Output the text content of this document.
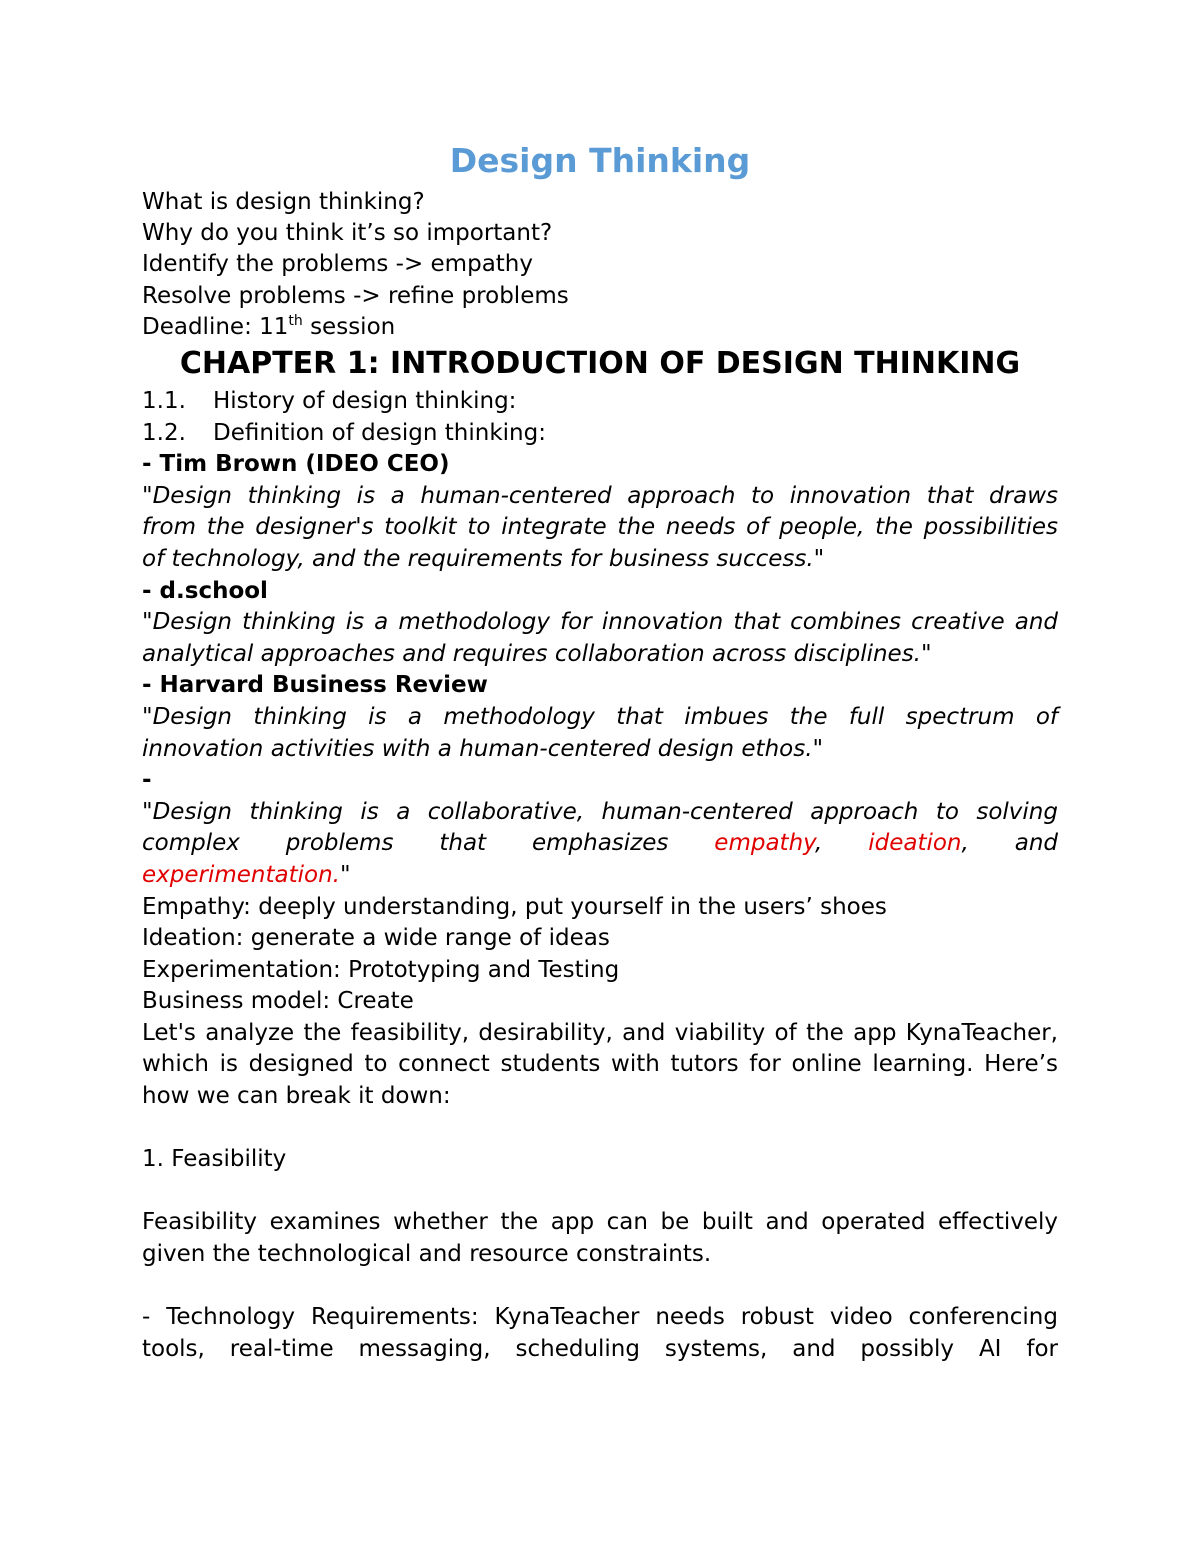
Design Thinking
What is design thinking?
Why do you think it’s so important?
Identify the problems -> empathy
Resolve problems -> refine problems
Deadline: 11th session
CHAPTER 1: INTRODUCTION OF DESIGN THINKING
1.1. History of design thinking:
1.2. Definition of design thinking:
- Tim Brown (IDEO CEO)
"Design thinking is a human-centered approach to innovation that draws
from the designer's toolkit to integrate the needs of people, the possibilities
of technology, and the requirements for business success."
- d.school
"Design thinking is a methodology for innovation that combines creative and
analytical approaches and requires collaboration across disciplines."
- Harvard Business Review
"Design thinking is a methodology that imbues the full spectrum of
innovation activities with a human-centered design ethos."
-
"Design thinking is a collaborative, human-centered approach to solving
complex problems that emphasizes empathy, ideation, and
experimentation."
Empathy: deeply understanding, put yourself in the users’ shoes
Ideation: generate a wide range of ideas
Experimentation: Prototyping and Testing
Business model: Create
Let's analyze the feasibility, desirability, and viability of the app KynaTeacher,
which is designed to connect students with tutors for online learning. Here’s
how we can break it down:
1. Feasibility
Feasibility examines whether the app can be built and operated effectively
given the technological and resource constraints.
- Technology Requirements: KynaTeacher needs robust video conferencing
tools, real-time messaging, scheduling systems, and possibly AI for
